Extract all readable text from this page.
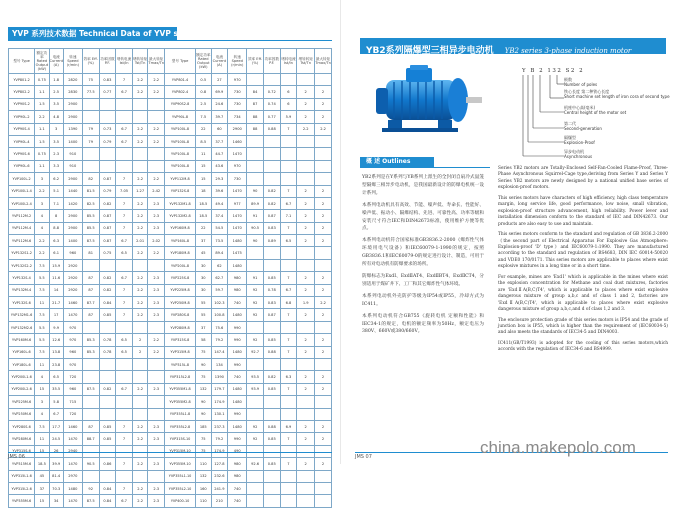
YVP 系列技术数据 Technical Data of YVP series
型号 Type	额定功率 Rated Output (kW)	电流 Current (A)	转速 Speed (r/min)	效率 Eff. (%)	功率因数 P.F.	堵转电流 Ist/In	堵转转矩 Tst/Tn	最大转矩 Tmax/Tn	型号 Type	额定功率 Rated Output (kW)	电流 Current (A)	转速 Speed (r/min)	效率 Eff. (%)	功率因数 P.F.	堵转电流 Ist/In	堵转转矩 Tst/Tn	最大转矩 Tmax/Tn
YVP801-2	0.75	1.8	2820	75	0.83	7	2.2	2.2	YVP801-4	0.5	27	970					
YVP802-2	1.1	2.5	2830	77.5	0.77	6.7	2.2	2.2	YVP802-4	0.8	69.9	730	84	0.72	6	2	2
YVP90S-2	1.5	3.5	2900						YVP90S2-8	2.5	24.6	730	87	0.74	6	2	2
YVP90L-2	2.2	4.8	2900						YVP90L-8	7.5	39.7	734	88	0.77	5.9	2	2
YVP90S-4	1.1	3	1390	79	0.73	6.7	2.2	2.2	YVP100L-8	22	60	2900	88	0.88	7	2.2	2.2
YVP90L-4	1.5	3.5	1400	79	0.79	6.7	2.2	2.2	YVP100L-8	8.5	37.7	1460					
YVP90S-6	0.75	2.3	910						YVP100L-8	11	44.7	1470					
YVP90L-6	1.1	3.3	910						YVP100L-8	15	43.6	970					
YVP100L-2	3	6.2	2900	82	0.87	7	2.2	2.2	YVP112M-8	15	29.3	730					
YVP100L1-4	2.2	5.1	1440	81.5	0.79	7.05	1.27	2.42	YVP132S-8	18	39.6	1470	90	0.82	7	2	2
YVP100L2-4	3	7.1	1420	82.5	0.82	7	2.2	2.3	YVP132M1-8	18.5	49.4	977	89.9	0.82	6.7	2	2
YVP112M-2	4	8	2900	85.5	0.87	7	2.2	2.3	YVP132M2-8	18.5	37.4	1470	91	0.87	7.1	2	2
YVP112M-4	4	8.8	2900	85.5	0.87	7	2.2	2.3	YVP160M-8	22	54.5	1470	90.5	0.83	7	2	2
YVP112M-6	2.2	6.3	1400	87.5	0.87	6.7	2.01	2.02	YVP160L-8	37	73.5	1480	90	0.89	6.5	2	2
YVP132S1-2	2.2	6.1	960	81	0.75	6.5	2.2	2.2	YVP180M-8	45	89.4	1475					
YVP132S2-2	7.5	15.9	2920						YVP200L-8	30	62	1480					
YVP132S-4	5.5	11.6	2920	87	0.82	6.7	2.2	2.3	YVP225S-8	30	62.7	980	91	0.85	7	2	2
YVP132M-4	7.5	14	2920	87	0.82	7	2.2	2.3	YVP225M-8	30	59.7	980	92	0.78	6.7	2	2
YVP132S-6	11	21.7	1460	87.7	0.84	7	2.2	2.3	YVP250M-8	55	102.3	740	92	0.83	6.8	1.9	2.2
YVP132M1-6	7.5	17	1470	87	0.85	7	2.2	2.3	YVP280S-8	55	100.8	1480	92	0.87	7	2	2
YVP132M2-6	5.5	9.9	970						YVP280M-8	37	75.6	990					
YVP160M-6	5.5	12.6	970	85.3	0.78	6.5	2	2.2	YVP315S-8	58	79.2	990	92	0.85	7	2	2
YVP160L-6	7.5	13.8	960	85.3	0.78	6.5	2	2.2	YVP315M-8	75	147.4	1480	92.7	0.88	7	2	2
YVP180L-6	11	23.8	970						YVP315L-8	90	134	990					
YVP200L1-6	4	6.5	720						YVP315L2-8	75	1390	740	93.5	0.82	6.3	2	2
YVP200L2-6	15	35.5	960	87.5	0.82	6.7	2.2	2.3	YVP355M1-8	132	179.7	1480	93.9	0.85	7	2	2
YVP225M-6	3	5.8	715						YVP355M2-8	90	174.9	1480					
YVP250M-6	4	6.7	720						YVP355L1-8	90	130.1	990					
YVP280S-6	7.5	17.7	1460	87	0.85	7	2.2	2.3	YVP355L2-8	185	237.3	1480	92	0.88	6.9	2	2
YVP280M-6	11	24.5	1470	88.7	0.85	7	2.2	2.3	YVP315S-10	75	79.2	990	92	0.85	7	2	2
YVP315S-6	15	26	2940						YVP315M-10	75	174.9	490					
YVP315M-6	18.5	39.9	1470	90.5	0.86	7	2.2	2.3	YVP355M-10	110	127.8	980	92.6	0.85	7	2	2
YVP315L1-6	45	81.4	2970						YVP355L1-10	132	232.6	980					
YVP315L2-6	37	70.3	1480	92	0.84	7	2.2	2.3	YVP355L2-10	160	241.9	740					
YVP355M-6	15	34	1470	87.5	0.84	6.7	2.2	2.3	YVP400-10	110	210	740					
JMS 06
YB2系列隔爆型三相异步电动机 YB2 series 3-phase induction motor
Y B 2 132 S2 2
极数
Number of poles
铁心长度 第二种铁心长度
Short machine set length of iron cora of second type
机座中心高(毫米)
Central height of the motor set
第二代
Second-generation
隔爆型
Explosion-Proof
异步电动机
Asynchronous
概 述 Outlines

YB2系列是在Y系列与YB系列上派生的全封闭自扇冷式鼠笼型隔爆三相异步电动机，是我国最新设计的防爆电机统一设计系列。

本系列电动机具有高效、节能、噪声低、寿命长、性能好、噪声低、振动小、隔爆结构、先进、可靠性高、功率等级和安装尺寸符合IEC和DIN42673标准，使用维护方便等优点。

本系列电动机符合国家标准GB3836.2-2000《爆炸性气体环境用电气设备》和IEC60079-1-1990的规定，按照GB3836.1和IEC60079-0的规定进行设计、制造，可用于所有对电动机有防爆要求的场所。

防爆标志为ExdⅠ、ExdⅡAT4、ExdⅡBT4、ExdⅡCT4，分别适用于煤矿井下、工厂和其它爆炸性气体环境。

本系列电动机外壳防护等级为IP54或IP55，冷却方式为IC411。

本系列电动机符合GB755《旋转电机 定额和性能》和IEC34-1的规定，电机的额定频率为50Hz，额定电压为380V、660V或380/660V。

Series YB2 motors are Totally-Enclosed Self-Fan-Cooled Flame-Proof, Three-Phase Asynchronous Squirrel-Cage type,deriving from Series Y and Series Y Series YB2 motors are newly designed by a national unified base series of explosion-proof motors.

This series motors have characters of high efficiency, high class temperature margin, long service life, good performance, low noise, small vibration, explosion-proof structure advancement, high reliability. Power lever and installation dimension conform to the standard of IEC and DIN42673. Our products are also easy to use and maintain.

This series motors conform to the standard and regulation of GB 3836.2-2000《the second part of Electrical Apparatus For Explosive Gas Atmosphere: Explosion-proof 'D' type》and IEC60079-1:1990. They are manufactured according to the standard and regulation of BS4683, DIN IEC 60014-50020 and VDE0 170/0171. This series motors are applicable to places where exist explosive mixtures in a long time or in a short time.

For example, mines are 'ExdⅠ' which is applicable in the mines where exist the explosion concentration for Methane and coal dust mixtures, factories are 'ExdⅡA(B,C)T4', which is applicable to places where exist explosive dangerous mixture of group a,b,c and of class 1 and 2, factories are 'ExdⅡA(B,C)T4', which is applicable to places where exist explosive dangerous mixture of group a,b,c,and d of class 1,2 and 3.

The enclosure protection grade of this series motors is IP54 and the grade of junction box is IP55, which is higher than the requirement of (IEC60034-5) and also meets the standards of IEC34-5 and DIN4003.

IC411(GB/T1993) is adopted for the cooling of this series motors,which accords with the regulation of IEC34-6 and BS4999.

JMS 07	china.makepolo.com
